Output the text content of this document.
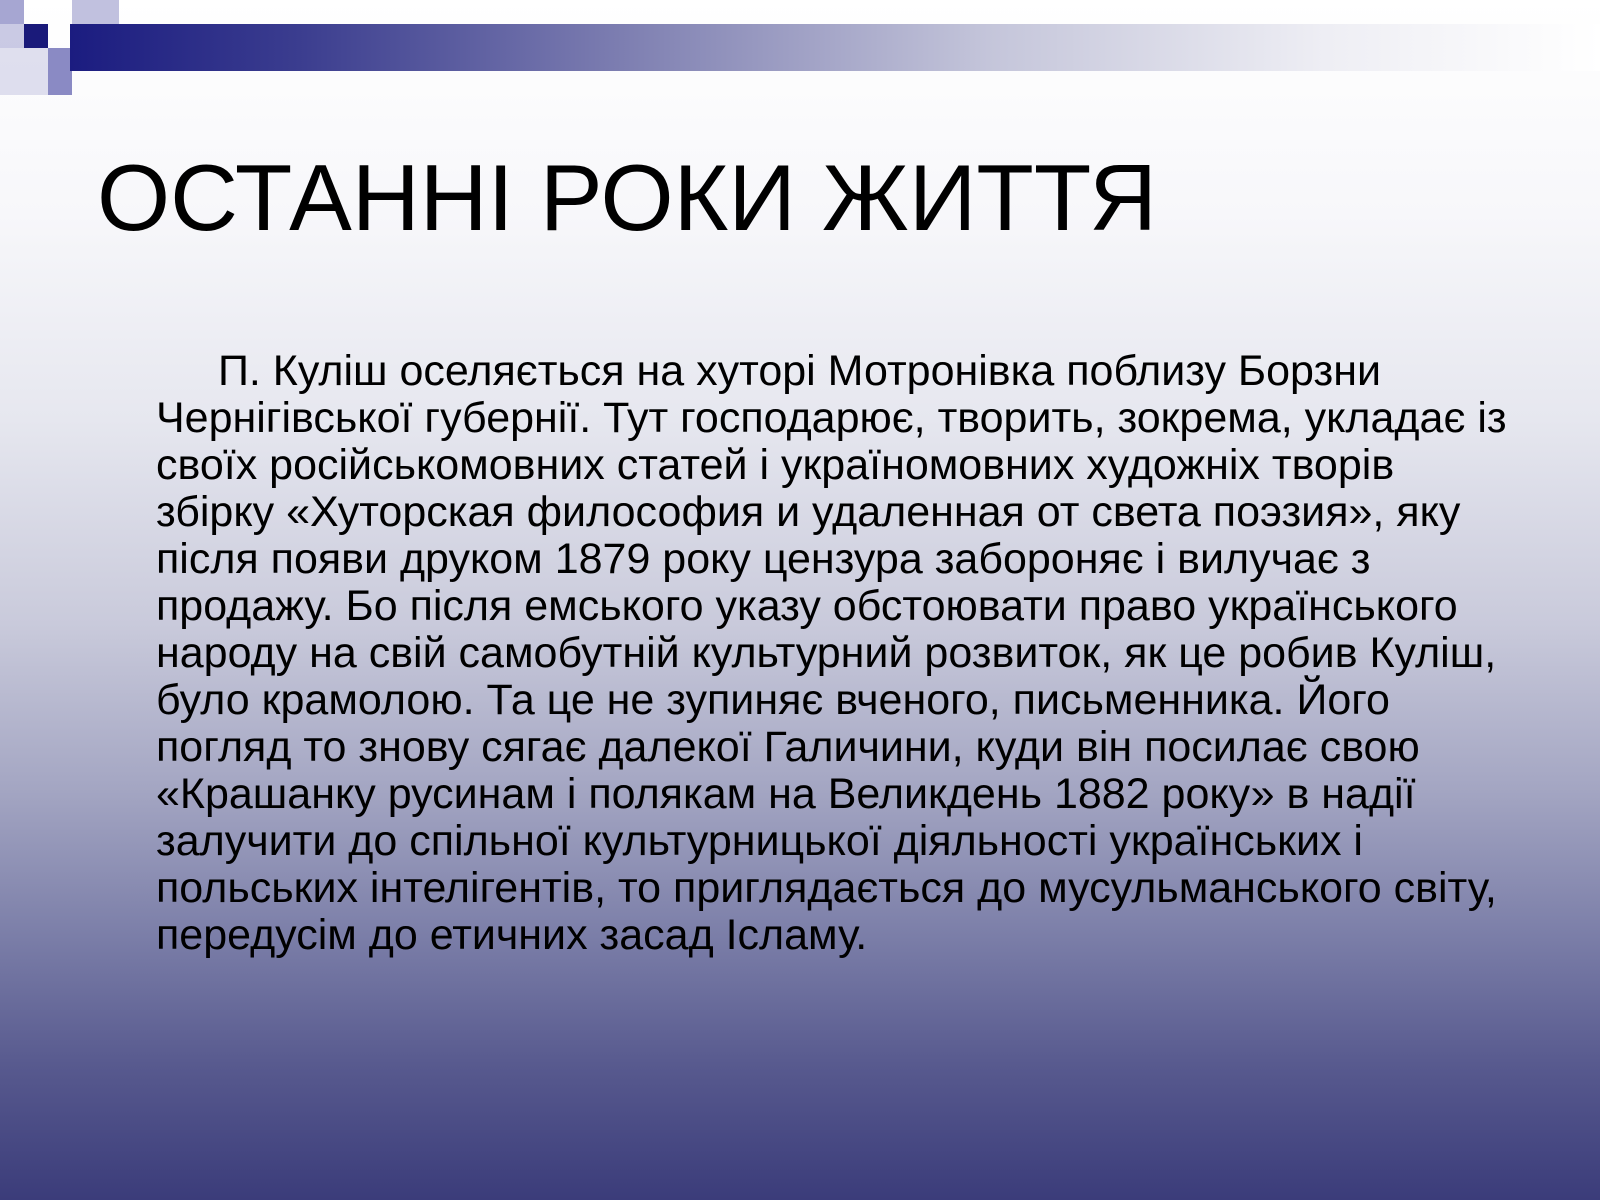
ОСТАННІ РОКИ ЖИТТЯ

П. Куліш оселяється на хуторі Мотронівка поблизу Борзни Чернігівської губернії. Тут господарює, творить, зокрема, укладає із своїх російськомовних статей і україномовних художніх творів збірку «Хуторская философия и удаленная от света поэзия», яку після появи друком 1879 року цензура забороняє і вилучає з продажу. Бо після емського указу обстоювати право українського народу на свій самобутній культурний розвиток, як це робив Куліш, було крамолою. Та це не зупиняє вченого, письменника. Його погляд то знову сягає далекої Галичини, куди він посилає свою «Крашанку русинам і полякам на Великдень 1882 року» в надії залучити до спільної культурницької діяльності українських і польських інтелігентів, то приглядається до мусульманського світу, передусім до етичних засад Ісламу.
